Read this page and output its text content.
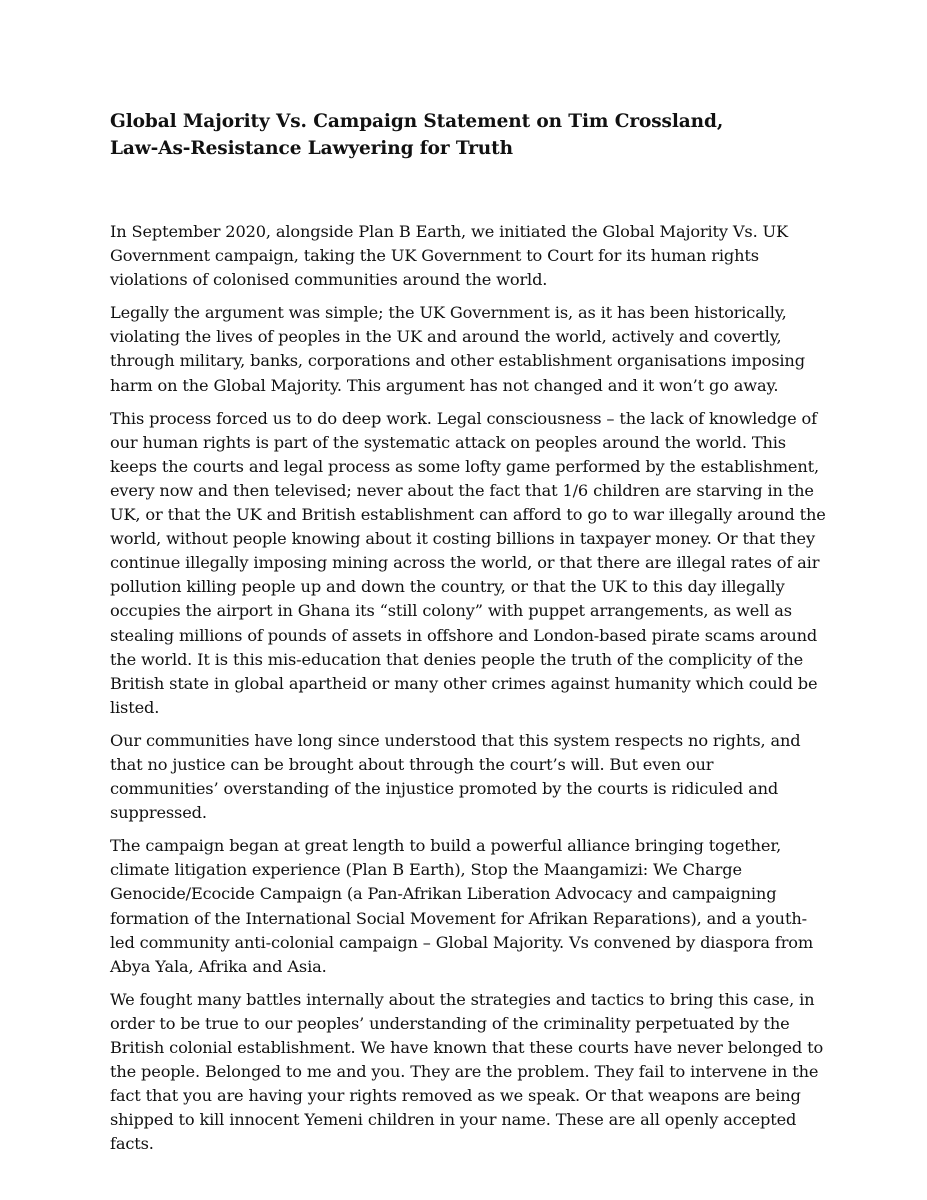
Global Majority Vs. Campaign Statement on Tim Crossland,
Law-As-Resistance Lawyering for Truth

In September 2020, alongside Plan B Earth, we initiated the Global Majority Vs. UK Government campaign, taking the UK Government to Court for its human rights violations of colonised communities around the world.

Legally the argument was simple; the UK Government is, as it has been historically, violating the lives of peoples in the UK and around the world, actively and covertly, through military, banks, corporations and other establishment organisations imposing harm on the Global Majority. This argument has not changed and it won’t go away.

This process forced us to do deep work. Legal consciousness – the lack of knowledge of our human rights is part of the systematic attack on peoples around the world. This keeps the courts and legal process as some lofty game performed by the establishment, every now and then televised; never about the fact that 1/6 children are starving in the UK, or that the UK and British establishment can afford to go to war illegally around the world, without people knowing about it costing billions in taxpayer money. Or that they continue illegally imposing mining across the world, or that there are illegal rates of air pollution killing people up and down the country, or that the UK to this day illegally occupies the airport in Ghana its “still colony” with puppet arrangements, as well as stealing millions of pounds of assets in offshore and London-based pirate scams around the world. It is this mis-education that denies people the truth of the complicity of the British state in global apartheid or many other crimes against humanity which could be listed.

Our communities have long since understood that this system respects no rights, and that no justice can be brought about through the court’s will. But even our communities’ overstanding of the injustice promoted by the courts is ridiculed and suppressed.

The campaign began at great length to build a powerful alliance bringing together, climate litigation experience (Plan B Earth), Stop the Maangamizi: We Charge Genocide/Ecocide Campaign (a Pan-Afrikan Liberation Advocacy and campaigning formation of the International Social Movement for Afrikan Reparations), and a youth-led community anti-colonial campaign – Global Majority. Vs convened by diaspora from Abya Yala, Afrika and Asia.

We fought many battles internally about the strategies and tactics to bring this case, in order to be true to our peoples’ understanding of the criminality perpetuated by the British colonial establishment. We have known that these courts have never belonged to the people. Belonged to me and you. They are the problem. They fail to intervene in the fact that you are having your rights removed as we speak. Or that weapons are being shipped to kill innocent Yemeni children in your name. These are all openly accepted facts.
